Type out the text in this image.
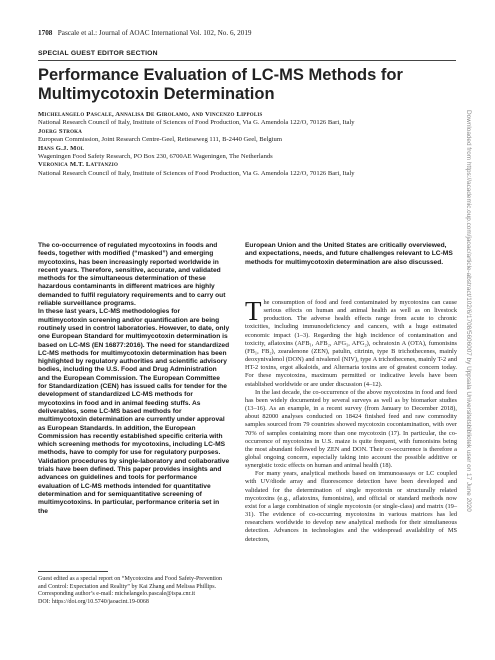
1708 Pascale et al.: Journal of AOAC International Vol. 102, No. 6, 2019
SPECIAL GUEST EDITOR SECTION
Performance Evaluation of LC-MS Methods for
Multimycotoxin Determination
Michelangelo Pascale, Annalisa De Girolamo, and Vincenzo Lippolis
National Research Council of Italy, Institute of Sciences of Food Production, Via G. Amendola 122/O, 70126 Bari, Italy
Joerg Stroka
European Commission, Joint Research Centre-Geel, Retieseweg 111, B-2440 Geel, Belgium
Hans G.J. Mol
Wageningen Food Safety Research, PO Box 230, 6700AE Wageningen, The Netherlands
Veronica M.T. Lattanzio
National Research Council of Italy, Institute of Sciences of Food Production, Via G. Amendola 122/O, 70126 Bari, Italy	Downloaded from https://academic.oup.com/jaoac/article-abstract/102/6/1708/5606007 by Uppsala Universitetsbibliotek user on 17 June 2020

The co-occurrence of regulated mycotoxins in foods and feeds, together with modified (“masked”) and emerging mycotoxins, has been increasingly reported worldwide in recent years. Therefore, sensitive, accurate, and validated methods for the simultaneous determination of these hazardous contaminants in different matrices are highly demanded to fulfil regulatory requirements and to carry out reliable surveillance programs.

In these last years, LC-MS methodologies for multimycotoxin screening and/or quantification are being routinely used in control laboratories. However, to date, only one European Standard for multimycotoxin determination is based on LC-MS (EN 16877:2016). The need for standardized LC-MS methods for multimycotoxin determination has been highlighted by regulatory authorities and scientific advisory bodies, including the U.S. Food and Drug Administration and the European Commission. The European Committee for Standardization (CEN) has issued calls for tender for the development of standardized LC-MS methods for mycotoxins in food and in animal feeding stuffs. As deliverables, some LC-MS based methods for multimycotoxin determination are currently under approval as European Standards. In addition, the European Commission has recently established specific criteria with which screening methods for mycotoxins, including LC-MS methods, have to comply for use for regulatory purposes. Validation procedures by single-laboratory and collaborative trials have been defined. This paper provides insights and advances on guidelines and tools for performance evaluation of LC-MS methods intended for quantitative determination and for semiquantitative screening of multimycotoxins. In particular, performance criteria set in the

European Union and the United States are critically overviewed, and expectations, needs, and future challenges relevant to LC-MS methods for multimycotoxin determination are also discussed.

The consumption of food and feed contaminated by mycotoxins can cause serious effects on human and animal health as well as on livestock production. The adverse health effects range from acute to chronic toxicities, including immunodeficiency and cancers, with a huge estimated economic impact (1–3). Regarding the high incidence of contamination and toxicity, aflatoxins (AFB₁, AFB₂, AFG₁, AFG₂), ochratoxin A (OTA), fumonisins (FB₁, FB₂), zearalenone (ZEN), patulin, citrinin, type B trichothecenes, mainly deoxynivalenol (DON) and nivalenol (NIV), type A trichothecenes, mainly T-2 and HT-2 toxins, ergot alkaloids, and Alternaria toxins are of greatest concern today. For these mycotoxins, maximum permitted or indicative levels have been established worldwide or are under discussion (4–12).

In the last decade, the co-occurrence of the above mycotoxins in food and feed has been widely documented by several surveys as well as by biomarker studies (13–16). As an example, in a recent survey (from January to December 2018), about 82000 analyses conducted on 18424 finished feed and raw commodity samples sourced from 79 countries showed mycotoxin cocontamination, with over 70% of samples containing more than one mycotoxin (17). In particular, the co-occurrence of mycotoxins in U.S. maize is quite frequent, with fumonisins being the most abundant followed by ZEN and DON. Their co-occurrence is therefore a global ongoing concern, especially taking into account the possible additive or synergistic toxic effects on human and animal health (18).

For many years, analytical methods based on immunoassays or LC coupled with UV/diode array and fluorescence detection have been developed and validated for the determination of single mycotoxin or structurally related mycotoxins (e.g., aflatoxins, fumonisins), and official or standard methods now exist for a large combination of single mycotoxin (or single-class) and matrix (19–31). The evidence of co-occurring mycotoxins in various matrices has led researchers worldwide to develop new analytical methods for their simultaneous detection. Advances in technologies and the widespread availability of MS detectors,

Guest edited as a special report on “Mycotoxins and Food Safety-Prevention and Control: Expectation and Reality” by Kai Zhang and Melissa Phillips.
Corresponding author’s e-mail: michelangelo.pascale@ispa.cnr.it
DOI: https://doi.org/10.5740/jaoacint.19-0068
